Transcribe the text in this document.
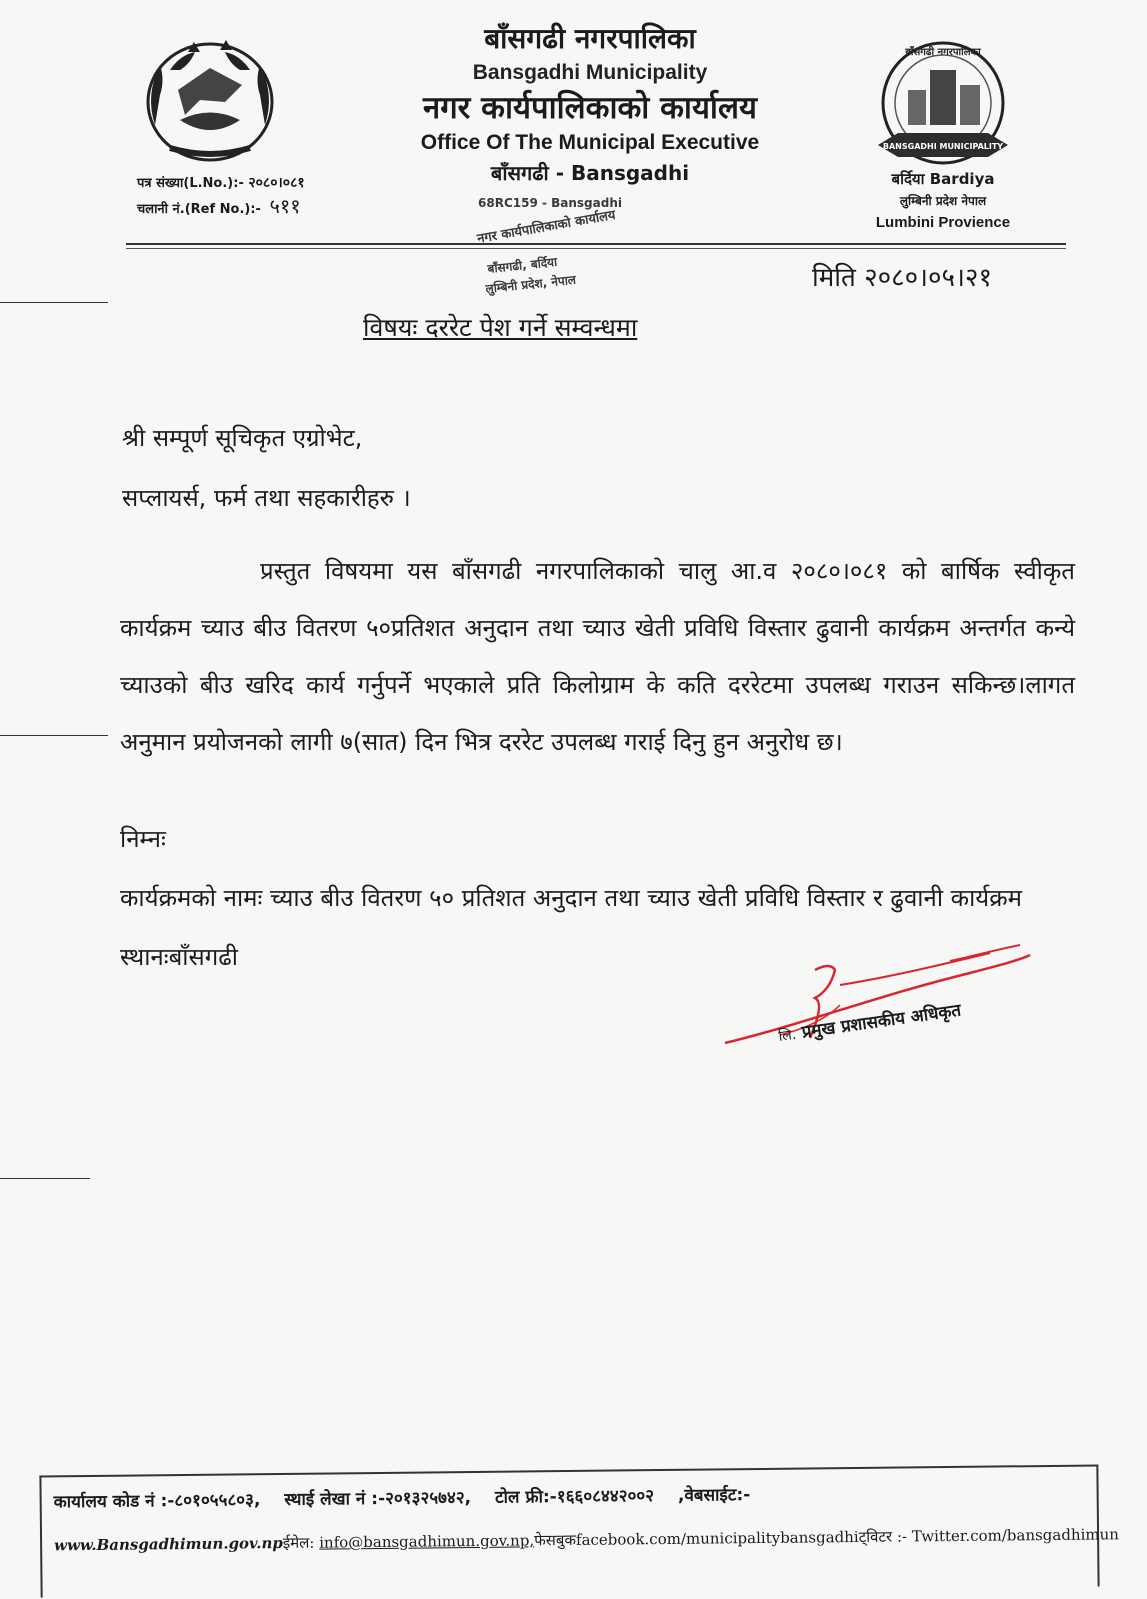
बाँसगढी नगरपालिका

Bansgadhi Municipality

नगर कार्यपालिकाको कार्यालय

Office Of The Municipal Executive

बाँसगढी - Bansgadhi

BANSGADHI MUNICIPALITY
बाँसगढी नगरपालिका
पत्र संख्या(L.No.):- २०८०।०८१
चलानी नं.(Ref No.):- ५११
बर्दिया Bardiya
लुम्बिनी प्रदेश नेपाल
Lumbini Provience
68RC159 - Bansgadhi
नगर कार्यपालिकाको कार्यालय
बाँसगढी, बर्दिया
लुम्बिनी प्रदेश, नेपाल	मिति २०८०।०५।२१
विषयः दररेट पेश गर्ने सम्वन्धमा
श्री सम्पूर्ण सूचिकृत एग्रोभेट,
सप्लायर्स, फर्म तथा सहकारीहरु ।
प्रस्तुत विषयमा यस बाँसगढी नगरपालिकाको चालु आ.व २०८०।०८१ को बार्षिक स्वीकृत कार्यक्रम च्याउ बीउ वितरण ५०प्रतिशत अनुदान तथा च्याउ खेती प्रविधि विस्तार ढुवानी कार्यक्रम अन्तर्गत कन्ये च्याउको बीउ खरिद कार्य गर्नुपर्ने भएकाले प्रति किलोग्राम के कति दररेटमा उपलब्ध गराउन सकिन्छ।लागत अनुमान प्रयोजनको लागी ७(सात) दिन भित्र दररेट उपलब्ध गराई दिनु हुन अनुरोध छ।

निम्नः

कार्यक्रमको नामः च्याउ बीउ वितरण ५० प्रतिशत अनुदान तथा च्याउ खेती प्रविधि विस्तार र ढुवानी कार्यक्रम

स्थानःबाँसगढी

लि. प्रमुख प्रशासकीय अधिकृत
कार्यालय कोड नं :-८०१०५५८०३, स्थाई लेखा नं :-२०१३२५७४२, टोल फ्री:-१६६०८४४२००२ ,वेबसाईट:-
www.Bansgadhimun.gov.npईमेल: info@bansgadhimun.gov.np,फेसबुकfacebook.com/municipalitybansgadhiट्विटर :- Twitter.com/bansgadhimun
